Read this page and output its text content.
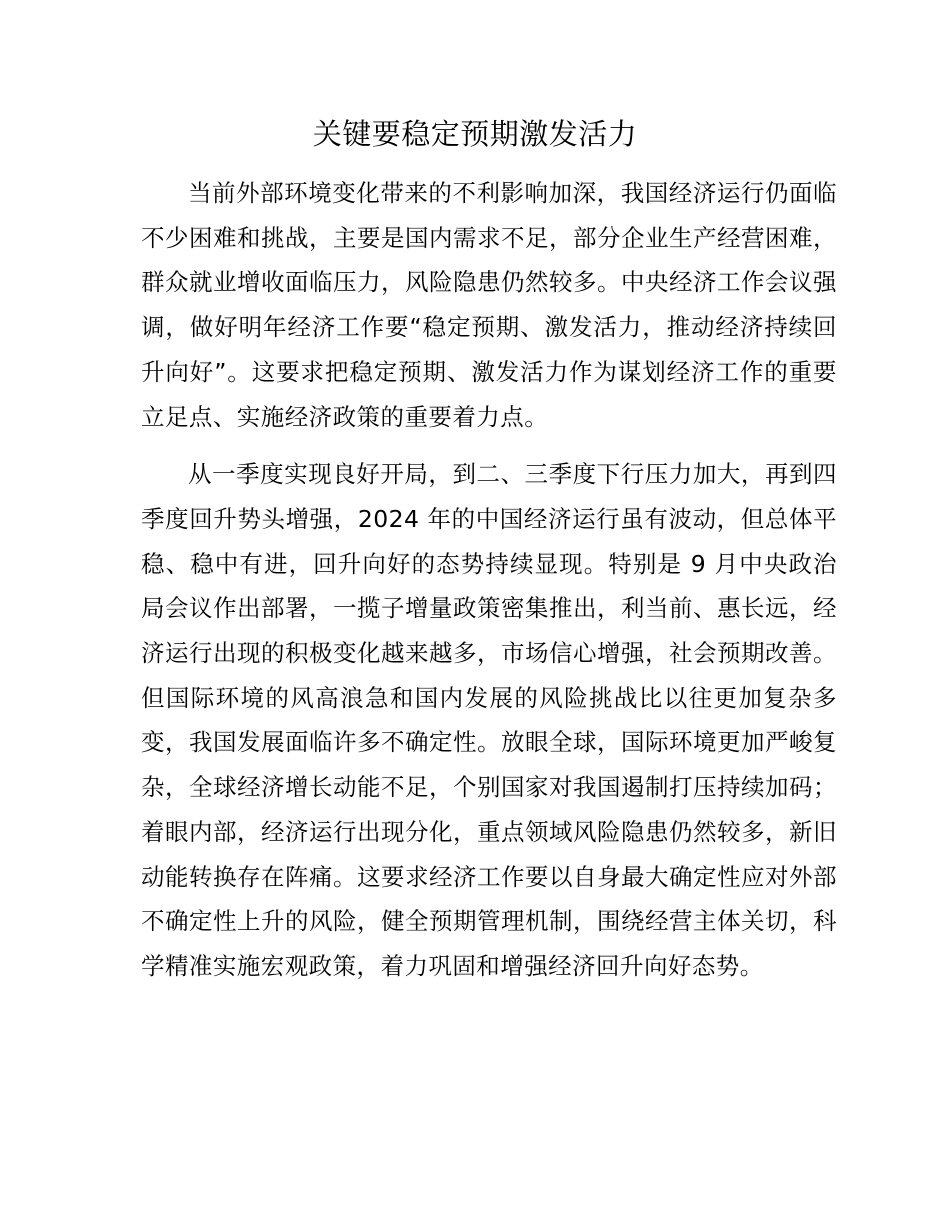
关键要稳定预期激发活力

当前外部环境变化带来的不利影响加深，我国经济运行仍面临不少困难和挑战，主要是国内需求不足，部分企业生产经营困难，群众就业增收面临压力，风险隐患仍然较多。中央经济工作会议强调，做好明年经济工作要“稳定预期、激发活力，推动经济持续回升向好”。这要求把稳定预期、激发活力作为谋划经济工作的重要立足点、实施经济政策的重要着力点。

从一季度实现良好开局，到二、三季度下行压力加大，再到四季度回升势头增强，2024 年的中国经济运行虽有波动，但总体平稳、稳中有进，回升向好的态势持续显现。特别是 9 月中央政治局会议作出部署，一揽子增量政策密集推出，利当前、惠长远，经济运行出现的积极变化越来越多，市场信心增强，社会预期改善。但国际环境的风高浪急和国内发展的风险挑战比以往更加复杂多变，我国发展面临许多不确定性。放眼全球，国际环境更加严峻复杂，全球经济增长动能不足，个别国家对我国遏制打压持续加码；着眼内部，经济运行出现分化，重点领域风险隐患仍然较多，新旧动能转换存在阵痛。这要求经济工作要以自身最大确定性应对外部不确定性上升的风险，健全预期管理机制，围绕经营主体关切，科学精准实施宏观政策，着力巩固和增强经济回升向好态势。
